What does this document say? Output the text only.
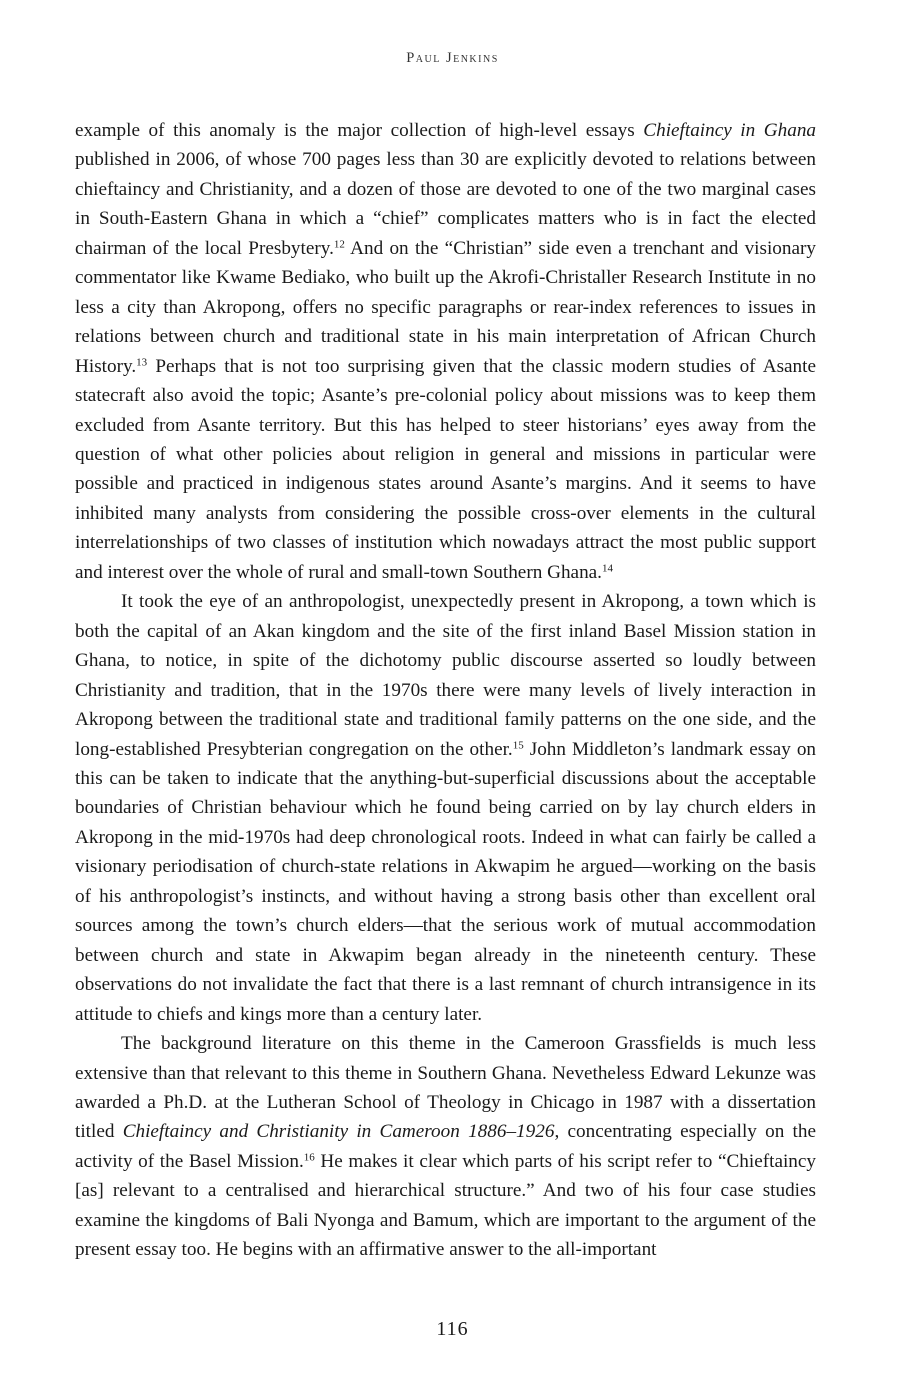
Paul Jenkins

example of this anomaly is the major collection of high-level essays Chieftaincy in Ghana published in 2006, of whose 700 pages less than 30 are explicitly devoted to relations between chieftaincy and Christianity, and a dozen of those are devoted to one of the two marginal cases in South-Eastern Ghana in which a “chief” complicates matters who is in fact the elected chairman of the local Presbytery.$^{12}$ And on the “Christian” side even a trenchant and visionary commentator like Kwame Bediako, who built up the Akrofi-Christaller Research Institute in no less a city than Akropong, offers no specific paragraphs or rear-index references to issues in relations between church and traditional state in his main interpretation of African Church History.$^{13}$ Perhaps that is not too surprising given that the classic modern studies of Asante statecraft also avoid the topic; Asante’s pre-colonial policy about missions was to keep them excluded from Asante territory. But this has helped to steer historians’ eyes away from the question of what other policies about religion in general and missions in particular were possible and practiced in indigenous states around Asante’s margins. And it seems to have inhibited many analysts from considering the possible cross-over elements in the cultural interrelationships of two classes of institution which nowadays attract the most public support and interest over the whole of rural and small-town Southern Ghana.$^{14}$

It took the eye of an anthropologist, unexpectedly present in Akropong, a town which is both the capital of an Akan kingdom and the site of the first inland Basel Mission station in Ghana, to notice, in spite of the dichotomy public discourse asserted so loudly between Christianity and tradition, that in the 1970s there were many levels of lively interaction in Akropong between the traditional state and traditional family patterns on the one side, and the long-established Presybterian congregation on the other.$^{15}$ John Middleton’s landmark essay on this can be taken to indicate that the anything-but-superficial discussions about the acceptable boundaries of Christian behaviour which he found being carried on by lay church elders in Akropong in the mid-1970s had deep chronological roots. Indeed in what can fairly be called a visionary periodisation of church-state relations in Akwapim he argued—working on the basis of his anthropologist’s instincts, and without having a strong basis other than excellent oral sources among the town’s church elders—that the serious work of mutual accommodation between church and state in Akwapim began already in the nineteenth century. These observations do not invalidate the fact that there is a last remnant of church intransigence in its attitude to chiefs and kings more than a century later.

The background literature on this theme in the Cameroon Grassfields is much less extensive than that relevant to this theme in Southern Ghana. Nevetheless Edward Lekunze was awarded a Ph.D. at the Lutheran School of Theology in Chicago in 1987 with a dissertation titled Chieftaincy and Christianity in Cameroon 1886–1926, concentrating especially on the activity of the Basel Mission.$^{16}$ He makes it clear which parts of his script refer to “Chieftaincy [as] relevant to a centralised and hierarchical structure.” And two of his four case studies examine the kingdoms of Bali Nyonga and Bamum, which are important to the argument of the present essay too. He begins with an affirmative answer to the all-important

116
